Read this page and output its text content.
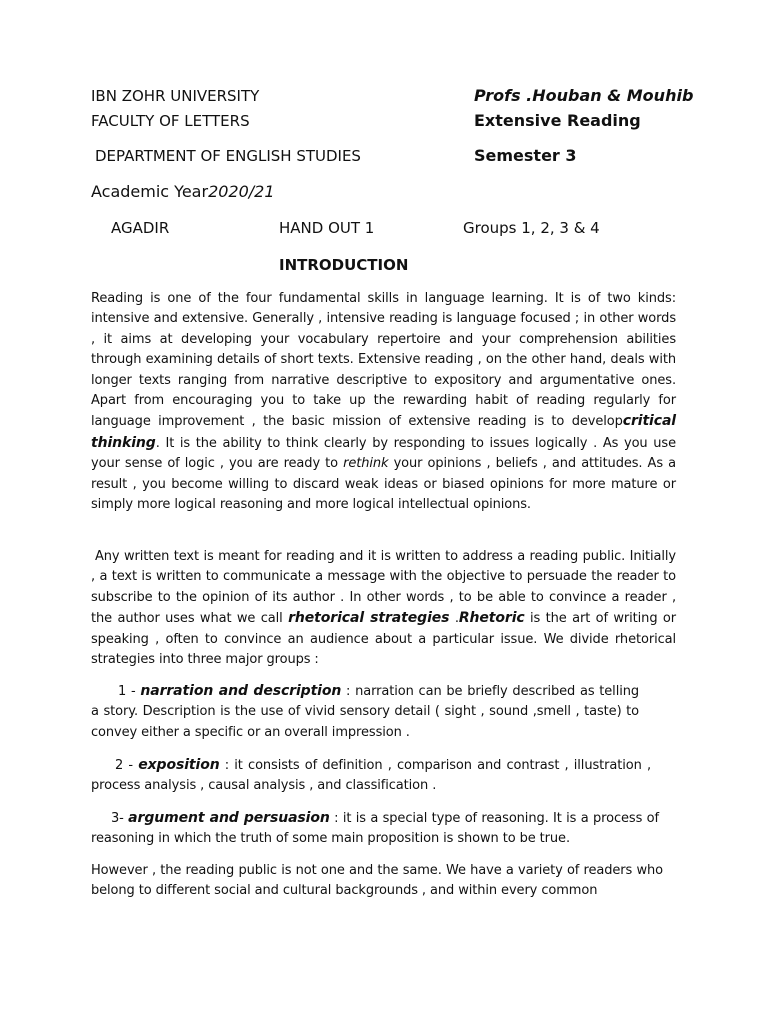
IBN ZOHR UNIVERSITY	Profs .Houban & Mouhib
FACULTY OF LETTERS	Extensive Reading
DEPARTMENT OF ENGLISH STUDIES	Semester 3
Academic Year2020/21
AGADIR	HAND OUT 1	Groups 1, 2, 3 & 4
INTRODUCTION
Reading is one of the four fundamental skills in language learning. It is of two kinds: intensive and extensive. Generally , intensive reading is language focused ; in other words , it aims at developing your vocabulary repertoire and your comprehension abilities through examining details of short texts. Extensive reading , on the other hand, deals with longer texts ranging from narrative descriptive to expository and argumentative ones. Apart from encouraging you to take up the rewarding habit of reading regularly for language improvement , the basic mission of extensive reading is to developcritical thinking. It is the ability to think clearly by responding to issues logically . As you use your sense of logic , you are ready to rethink your opinions , beliefs , and attitudes. As a result , you become willing to discard weak ideas or biased opinions for more mature or simply more logical reasoning and more logical intellectual opinions.
Any written text is meant for reading and it is written to address a reading public. Initially , a text is written to communicate a message with the objective to persuade the reader to subscribe to the opinion of its author . In other words , to be able to convince a reader , the author uses what we call rhetorical strategies .Rhetoric is the art of writing or speaking , often to convince an audience about a particular issue. We divide rhetorical strategies into three major groups :
1 - narration and description : narration can be briefly described as telling a story. Description is the use of vivid sensory detail ( sight , sound ,smell , taste) to convey either a specific or an overall impression .
2 - exposition : it consists of definition , comparison and contrast , illustration , process analysis , causal analysis , and classification .
3- argument and persuasion : it is a special type of reasoning. It is a process of reasoning in which the truth of some main proposition is shown to be true.
However , the reading public is not one and the same. We have a variety of readers who belong to different social and cultural backgrounds , and within every common
